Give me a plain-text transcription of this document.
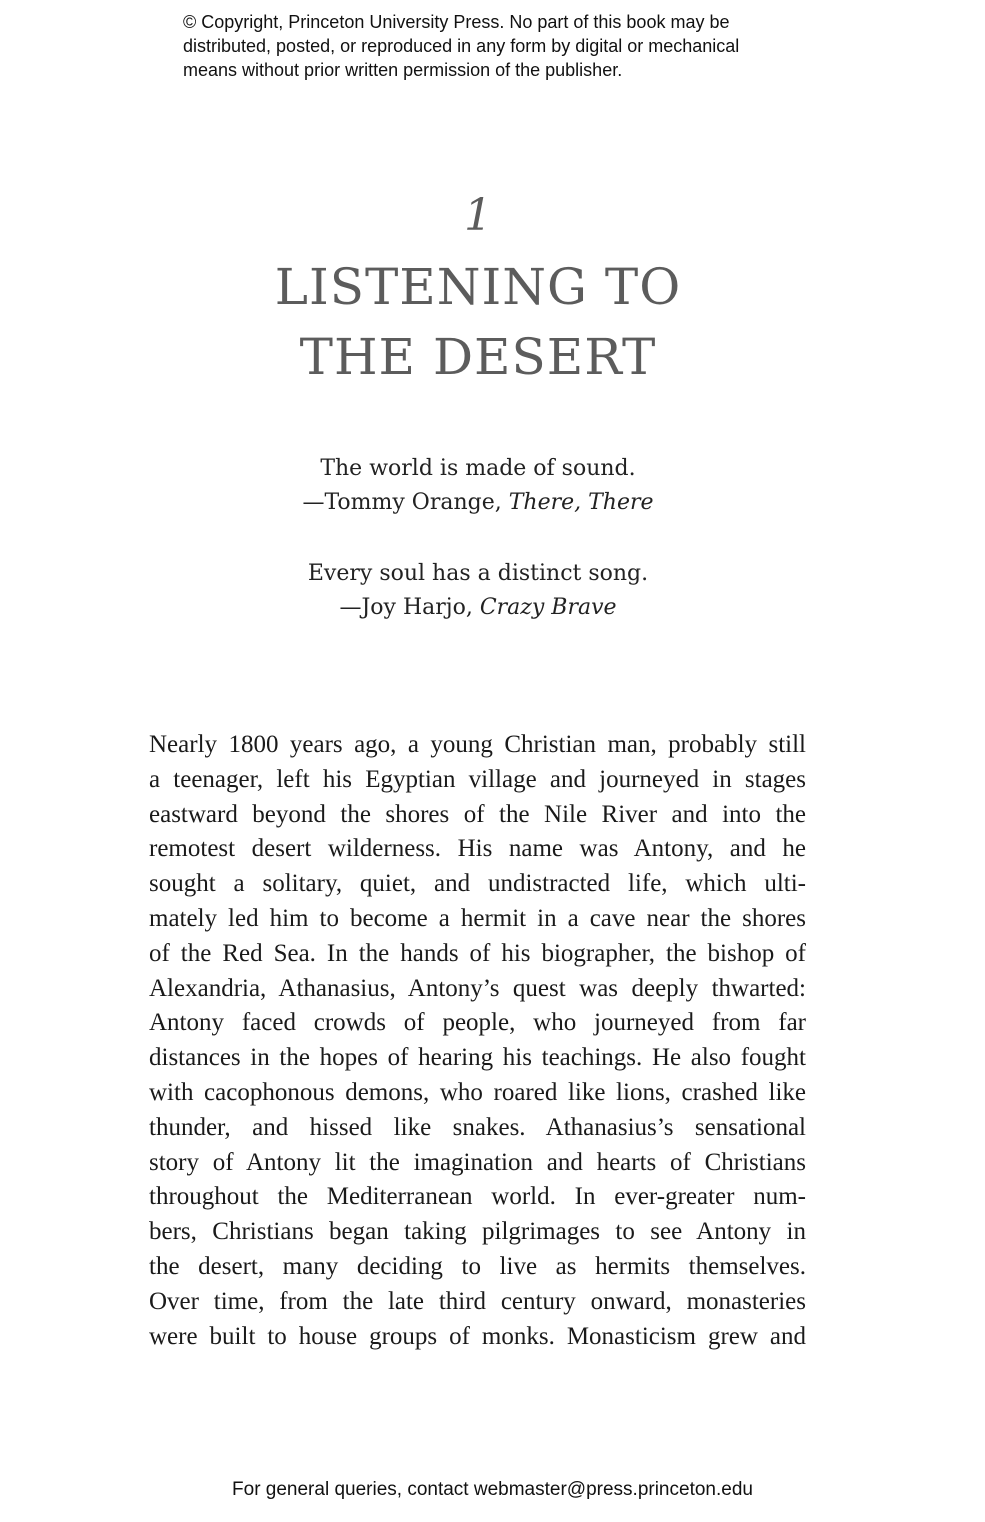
© Copyright, Princeton University Press. No part of this book may be
distributed, posted, or reproduced in any form by digital or mechanical
means without prior written permission of the publisher.
1
LISTENING TO
THE DESERT
The world is made of sound.
—Tommy Orange, There, There
Every soul has a distinct song.
—Joy Harjo, Crazy Brave
Nearly 1800 years ago, a young Christian man, probably still
a teenager, left his Egyptian village and journeyed in stages
eastward beyond the shores of the Nile River and into the
remotest desert wilderness. His name was Antony, and he
sought a solitary, quiet, and undistracted life, which ulti-
mately led him to become a hermit in a cave near the shores
of the Red Sea. In the hands of his biographer, the bishop of
Alexandria, Athanasius, Antony’s quest was deeply thwarted:
Antony faced crowds of people, who journeyed from far
distances in the hopes of hearing his teachings. He also fought
with cacophonous demons, who roared like lions, crashed like
thunder, and hissed like snakes. Athanasius’s sensational
story of Antony lit the imagination and hearts of Christians
throughout the Mediterranean world. In ever-greater num-
bers, Christians began taking pilgrimages to see Antony in
the desert, many deciding to live as hermits themselves.
Over time, from the late third century onward, monasteries
were built to house groups of monks. Monasticism grew and
For general queries, contact webmaster@press.princeton.edu
